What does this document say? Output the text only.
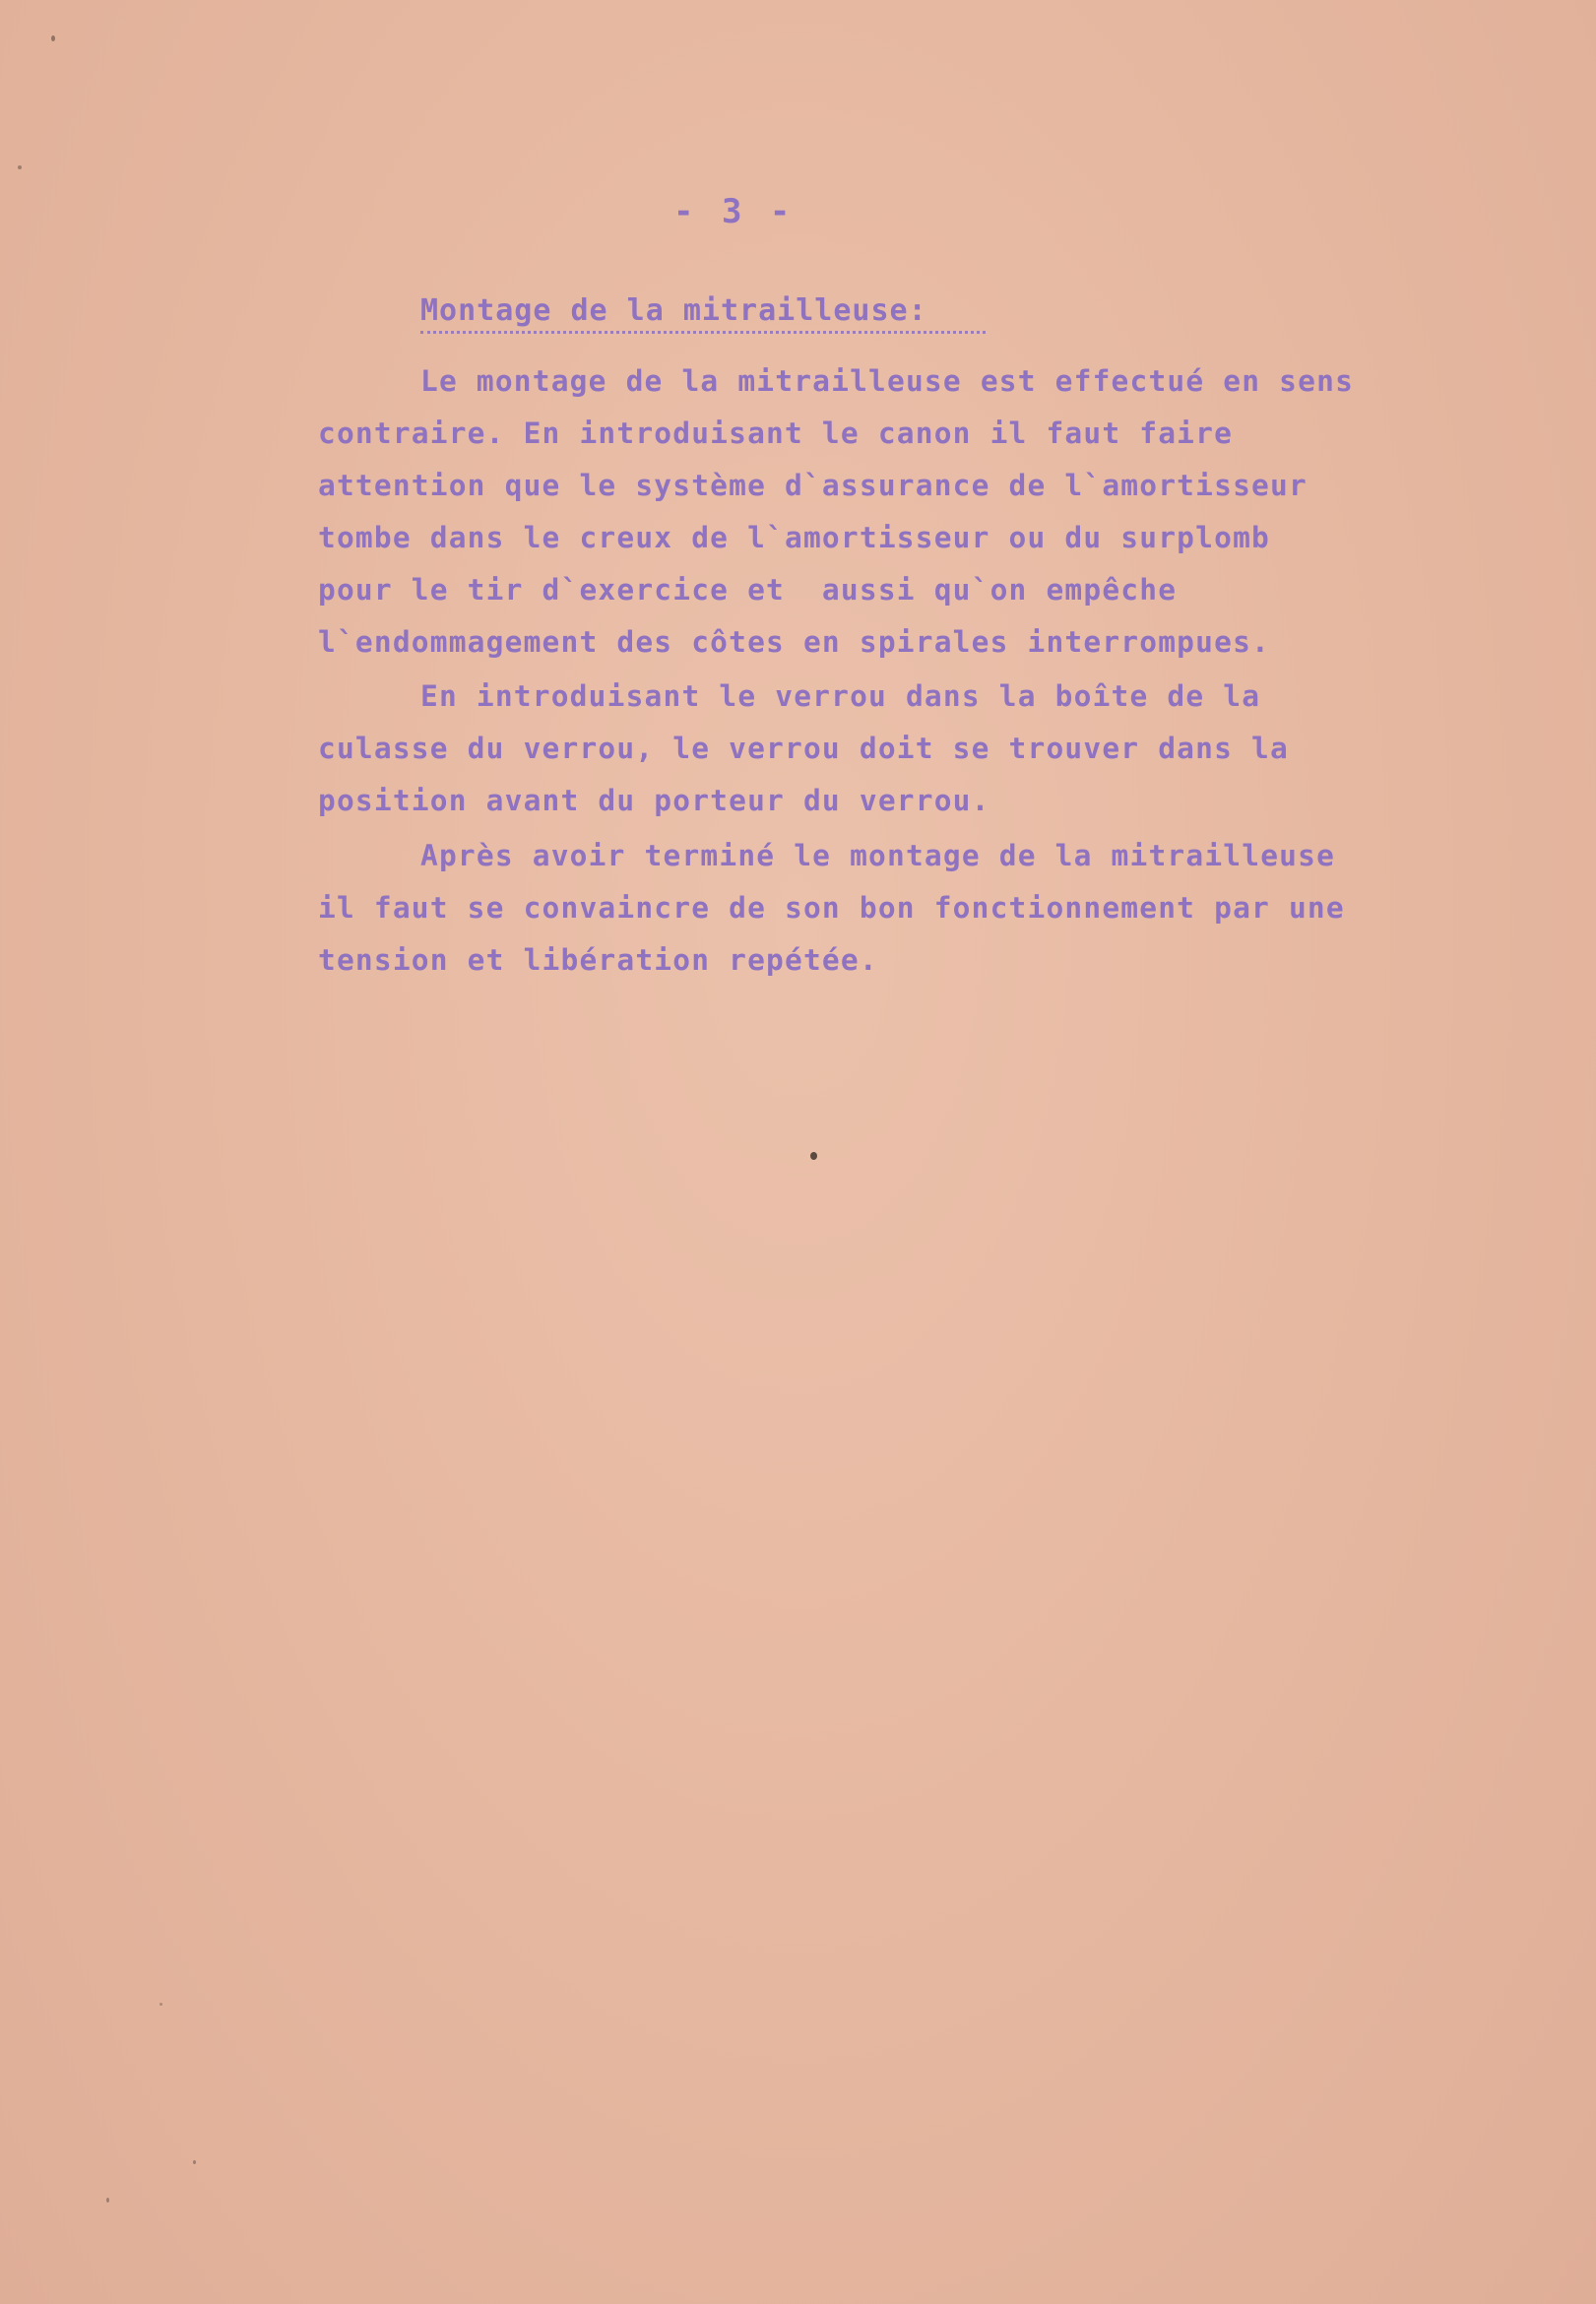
- 3 -
Montage de la mitrailleuse:
Le montage de la mitrailleuse est effectué en sens
contraire. En introduisant le canon il faut faire
attention que le système d`assurance de l`amortisseur
tombe dans le creux de l`amortisseur ou du surplomb
pour le tir d`exercice et  aussi qu`on empêche
l`endommagement des côtes en spirales interrompues.
En introduisant le verrou dans la boîte de la
culasse du verrou, le verrou doit se trouver dans la
position avant du porteur du verrou.
Après avoir terminé le montage de la mitrailleuse
il faut se convaincre de son bon fonctionnement par une
tension et libération repétée.
